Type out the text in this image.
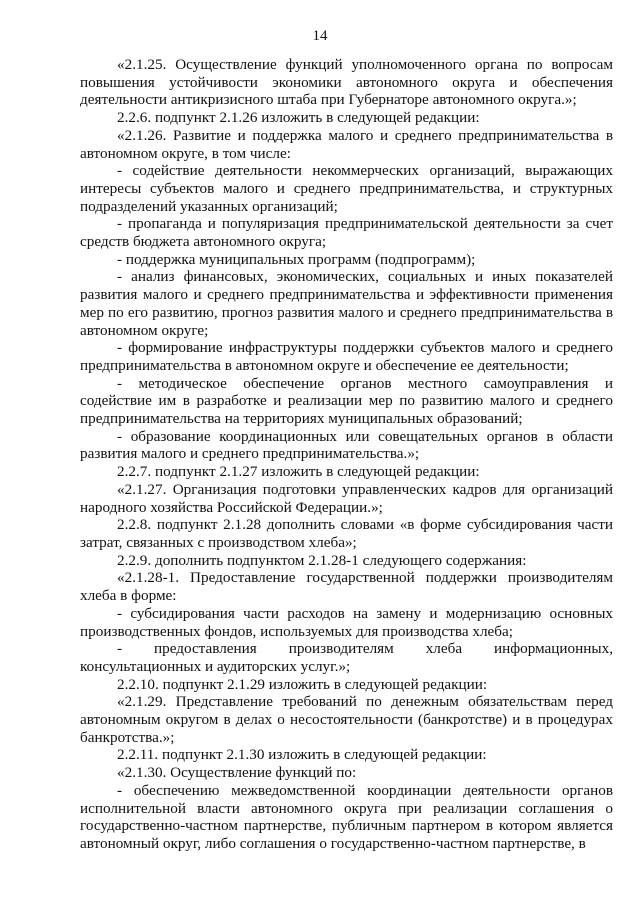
14

«2.1.25. Осуществление функций уполномоченного органа по вопросам повышения устойчивости экономики автономного округа и обеспечения деятельности антикризисного штаба при Губернаторе автономного округа.»;

2.2.6. подпункт 2.1.26 изложить в следующей редакции:

«2.1.26. Развитие и поддержка малого и среднего предпринимательства в автономном округе, в том числе:

- содействие деятельности некоммерческих организаций, выражающих интересы субъектов малого и среднего предпринимательства, и структурных подразделений указанных организаций;

- пропаганда и популяризация предпринимательской деятельности за счет средств бюджета автономного округа;

- поддержка муниципальных программ (подпрограмм);

- анализ финансовых, экономических, социальных и иных показателей развития малого и среднего предпринимательства и эффективности применения мер по его развитию, прогноз развития малого и среднего предпринимательства в автономном округе;

- формирование инфраструктуры поддержки субъектов малого и среднего предпринимательства в автономном округе и обеспечение ее деятельности;

- методическое обеспечение органов местного самоуправления и содействие им в разработке и реализации мер по развитию малого и среднего предпринимательства на территориях муниципальных образований;

- образование координационных или совещательных органов в области развития малого и среднего предпринимательства.»;

2.2.7. подпункт 2.1.27 изложить в следующей редакции:

«2.1.27. Организация подготовки управленческих кадров для организаций народного хозяйства Российской Федерации.»;

2.2.8. подпункт 2.1.28 дополнить словами «в форме субсидирования части затрат, связанных с производством хлеба»;

2.2.9. дополнить подпунктом 2.1.28-1 следующего содержания:

«2.1.28-1. Предоставление государственной поддержки производителям хлеба в форме:

- субсидирования части расходов на замену и модернизацию основных производственных фондов, используемых для производства хлеба;

- предоставления производителям хлеба информационных, консультационных и аудиторских услуг.»;

2.2.10. подпункт 2.1.29 изложить в следующей редакции:

«2.1.29. Представление требований по денежным обязательствам перед автономным округом в делах о несостоятельности (банкротстве) и в процедурах банкротства.»;

2.2.11. подпункт 2.1.30 изложить в следующей редакции:

«2.1.30. Осуществление функций по:

- обеспечению межведомственной координации деятельности органов исполнительной власти автономного округа при реализации соглашения о государственно-частном партнерстве, публичным партнером в котором является автономный округ, либо соглашения о государственно-частном партнерстве, в
